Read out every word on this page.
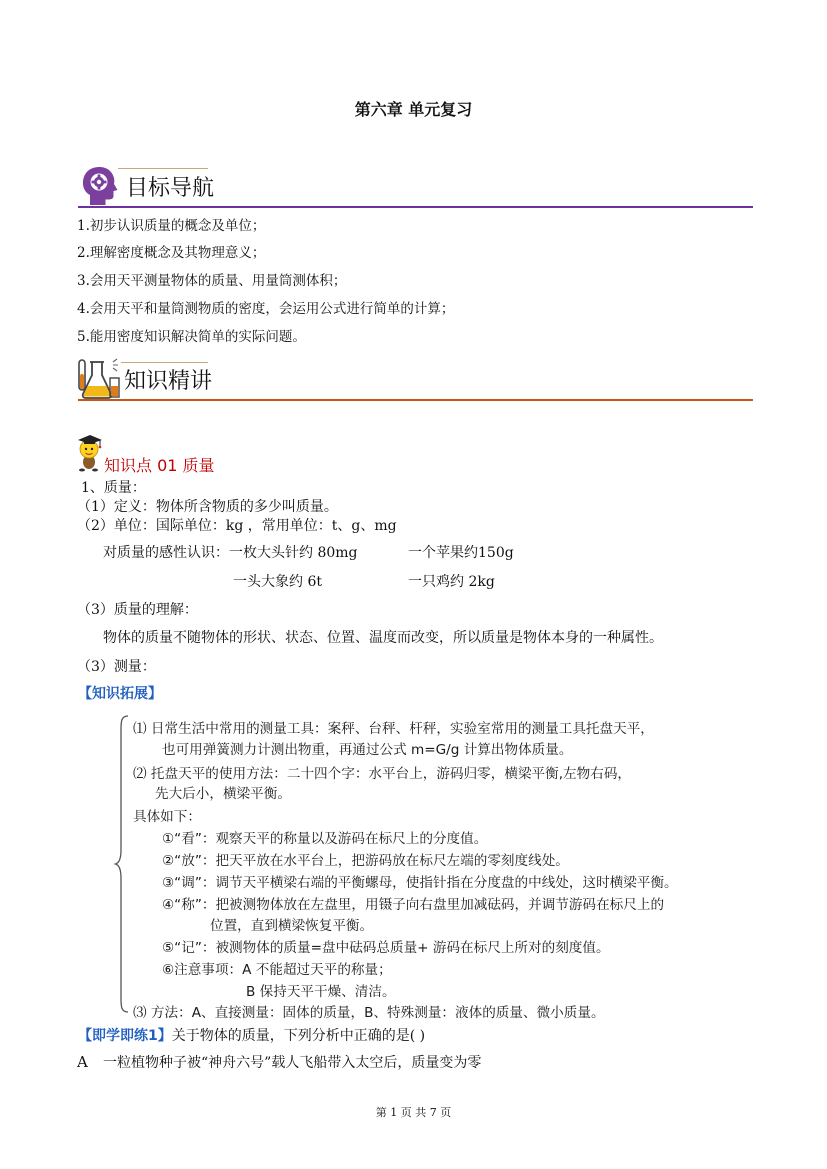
第六章 单元复习
目标导航
1.初步认识质量的概念及单位；
2.理解密度概念及其物理意义；
3.会用天平测量物体的质量、用量筒测体积；
4.会用天平和量筒测物质的密度，会运用公式进行简单的计算；
5.能用密度知识解决简单的实际问题。
知识精讲
知识点 01 质量
1、质量：
（1）定义：物体所含物质的多少叫质量。
（2）单位：国际单位：kg ，常用单位：t、g、mg
对质量的感性认识：一枚大头针约 80mg	一个苹果约150g
一头大象约 6t	一只鸡约 2kg
（3）质量的理解：
物体的质量不随物体的形状、状态、位置、温度而改变，所以质量是物体本身的一种属性。
（3）测量：
【知识拓展】
⑴ 日常生活中常用的测量工具：案秤、台秤、杆秤，实验室常用的测量工具托盘天平，
也可用弹簧测力计测出物重，再通过公式 m=G/g 计算出物体质量。
⑵ 托盘天平的使用方法：二十四个字：水平台上，游码归零，横梁平衡,左物右码，
先大后小，横梁平衡。
具体如下：
①“看”：观察天平的称量以及游码在标尺上的分度值。
②“放”：把天平放在水平台上，把游码放在标尺左端的零刻度线处。
③“调”：调节天平横梁右端的平衡螺母，使指针指在分度盘的中线处，这时横梁平衡。
④“称”：把被测物体放在左盘里，用镊子向右盘里加减砝码，并调节游码在标尺上的
位置，直到横梁恢复平衡。
⑤“记”：被测物体的质量=盘中砝码总质量+ 游码在标尺上所对的刻度值。
⑥注意事项：A 不能超过天平的称量；
B 保持天平干燥、清洁。
⑶ 方法：A、直接测量：固体的质量，B、特殊测量：液体的质量、微小质量。
【即学即练1】关于物体的质量，下列分析中正确的是( )
A 一粒植物种子被“神舟六号”载人飞船带入太空后，质量变为零
第 1 页 共 7 页
